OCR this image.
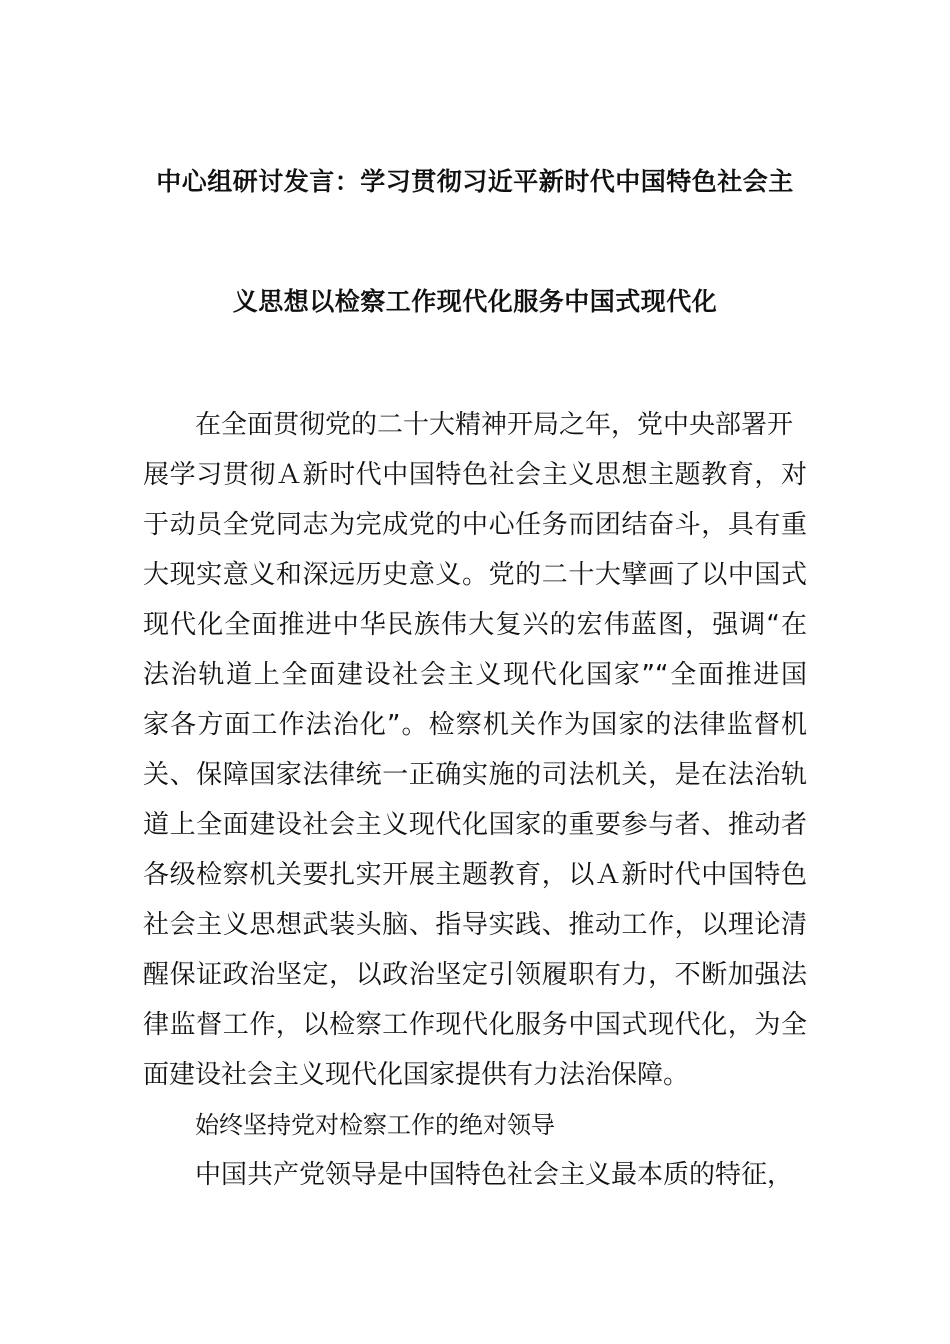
中心组研讨发言：学习贯彻习近平新时代中国特色社会主
义思想以检察工作现代化服务中国式现代化
在全面贯彻党的二十大精神开局之年，党中央部署开
展学习贯彻Ａ新时代中国特色社会主义思想主题教育，对
于动员全党同志为完成党的中心任务而团结奋斗，具有重
大现实意义和深远历史意义。党的二十大擘画了以中国式
现代化全面推进中华民族伟大复兴的宏伟蓝图，强调“在
法治轨道上全面建设社会主义现代化国家”“全面推进国
家各方面工作法治化”。检察机关作为国家的法律监督机
关、保障国家法律统一正确实施的司法机关，是在法治轨
道上全面建设社会主义现代化国家的重要参与者、推动者
各级检察机关要扎实开展主题教育，以Ａ新时代中国特色
社会主义思想武装头脑、指导实践、推动工作，以理论清
醒保证政治坚定，以政治坚定引领履职有力，不断加强法
律监督工作，以检察工作现代化服务中国式现代化，为全
面建设社会主义现代化国家提供有力法治保障。
始终坚持党对检察工作的绝对领导
中国共产党领导是中国特色社会主义最本质的特征，
